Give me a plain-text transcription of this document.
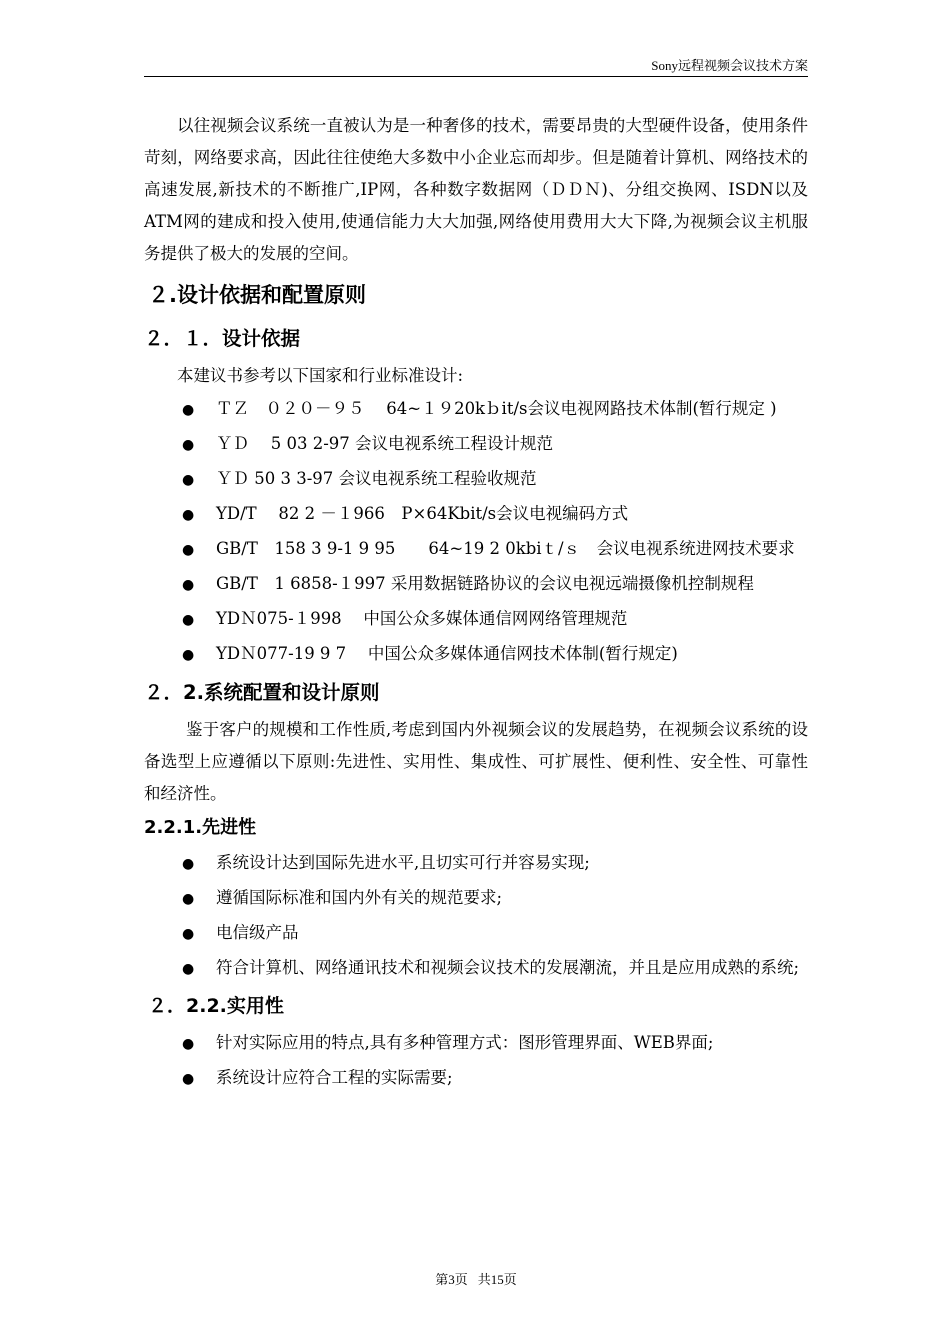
Sony远程视频会议技术方案

以往视频会议系统一直被认为是一种奢侈的技术，需要昂贵的大型硬件设备，使用条件苛刻，网络要求高，因此往往使绝大多数中小企业忘而却步。但是随着计算机、网络技术的高速发展,新技术的不断推广,IP网，各种数字数据网（ＤＤＮ)、分组交换网、ISDN以及ATM网的建成和投入使用,使通信能力大大加强,网络使用费用大大下降,为视频会议主机服务提供了极大的发展的空间。

２.设计依据和配置原则
２．１．设计依据

本建议书参考以下国家和行业标准设计:

● ＴＺ　０２０－９５　 64~１９20kｂit/s会议电视网路技术体制(暂行规定 )
● ＹＤ　 5 03 2-97 会议电视系统工程设计规范
● ＹＤ 50 3 3-97 会议电视系统工程验收规范
● YD/T　 82 2 －１966　P×64Kbit/s会议电视编码方式
● GB/T　158 3 9-1 9 95　　64~19 2 0kbiｔ/ｓ　会议电视系统进网技术要求
● GB/T　1 6858-１997 采用数据链路协议的会议电视远端摄像机控制规程
● YDＮ075-１998　 中国公众多媒体通信网网络管理规范
● YDＮ077-19 9 7　 中国公众多媒体通信网技术体制(暂行规定)
２．2.系统配置和设计原则

鉴于客户的规模和工作性质,考虑到国内外视频会议的发展趋势，在视频会议系统的设备选型上应遵循以下原则:先进性、实用性、集成性、可扩展性、便利性、安全性、可靠性和经济性。

2.2.1.先进性
● 系统设计达到国际先进水平,且切实可行并容易实现;
● 遵循国际标准和国内外有关的规范要求;
● 电信级产品
● 符合计算机、网络通讯技术和视频会议技术的发展潮流，并且是应用成熟的系统;
２．2.2.实用性
● 针对实际应用的特点,具有多种管理方式：图形管理界面、WEB界面;
● 系统设计应符合工程的实际需要;
第3页 共15页
